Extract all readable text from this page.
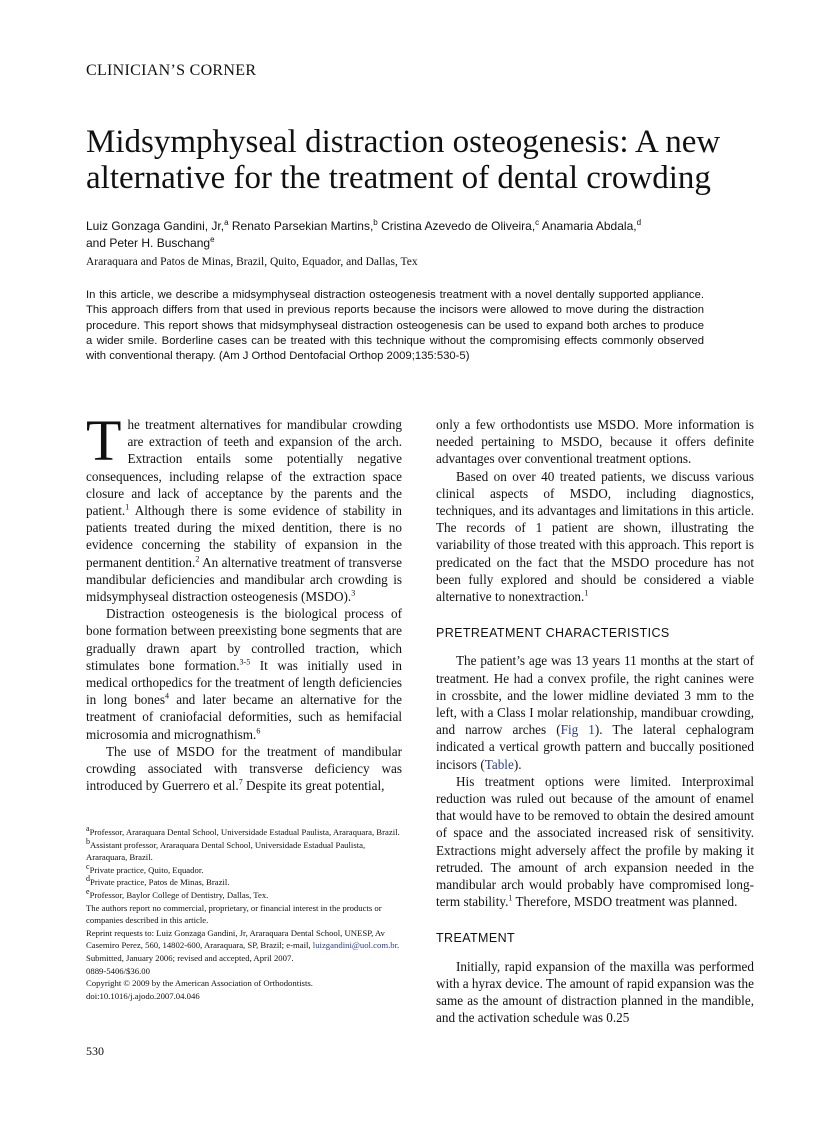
CLINICIAN’S CORNER
Midsymphyseal distraction osteogenesis: A new alternative for the treatment of dental crowding
Luiz Gonzaga Gandini, Jr,$^a$ Renato Parsekian Martins,$^b$ Cristina Azevedo de Oliveira,$^c$ Anamaria Abdala,$^d$
and Peter H. Buschang$^e$
Araraquara and Patos de Minas, Brazil, Quito, Equador, and Dallas, Tex
In this article, we describe a midsymphyseal distraction osteogenesis treatment with a novel dentally supported appliance. This approach differs from that used in previous reports because the incisors were allowed to move during the distraction procedure. This report shows that midsymphyseal distraction osteogenesis can be used to expand both arches to produce a wider smile. Borderline cases can be treated with this technique without the compromising effects commonly observed with conventional therapy. (Am J Orthod Dentofacial Orthop 2009;135:530-5)

The treatment alternatives for mandibular crowding are extraction of teeth and expansion of the arch. Extraction entails some potentially negative consequences, including relapse of the extraction space closure and lack of acceptance by the parents and the patient.$^1$ Although there is some evidence of stability in patients treated during the mixed dentition, there is no evidence concerning the stability of expansion in the permanent dentition.$^2$ An alternative treatment of transverse mandibular deficiencies and mandibular arch crowding is midsymphyseal distraction osteogenesis (MSDO).$^3$

Distraction osteogenesis is the biological process of bone formation between preexisting bone segments that are gradually drawn apart by controlled traction, which stimulates bone formation.$^{3-5}$ It was initially used in medical orthopedics for the treatment of length deficiencies in long bones$^4$ and later became an alternative for the treatment of craniofacial deformities, such as hemifacial microsomia and micrognathism.$^6$

The use of MSDO for the treatment of mandibular crowding associated with transverse deficiency was introduced by Guerrero et al.$^7$ Despite its great potential,

$^a$Professor, Araraquara Dental School, Universidade Estadual Paulista, Araraquara, Brazil.

$^b$Assistant professor, Araraquara Dental School, Universidade Estadual Paulista, Araraquara, Brazil.

$^c$Private practice, Quito, Equador.

$^d$Private practice, Patos de Minas, Brazil.

$^e$Professor, Baylor College of Dentistry, Dallas, Tex.

The authors report no commercial, proprietary, or financial interest in the products or companies described in this article.

Reprint requests to: Luiz Gonzaga Gandini, Jr, Araraquara Dental School, UNESP, Av Casemiro Perez, 560, 14802-600, Araraquara, SP, Brazil; e-mail, luizgandini@uol.com.br.

Submitted, January 2006; revised and accepted, April 2007.

0889-5406/$36.00

Copyright © 2009 by the American Association of Orthodontists.

doi:10.1016/j.ajodo.2007.04.046

only a few orthodontists use MSDO. More information is needed pertaining to MSDO, because it offers definite advantages over conventional treatment options.

Based on over 40 treated patients, we discuss various clinical aspects of MSDO, including diagnostics, techniques, and its advantages and limitations in this article. The records of 1 patient are shown, illustrating the variability of those treated with this approach. This report is predicated on the fact that the MSDO procedure has not been fully explored and should be considered a viable alternative to nonextraction.$^1$

PRETREATMENT CHARACTERISTICS

The patient’s age was 13 years 11 months at the start of treatment. He had a convex profile, the right canines were in crossbite, and the lower midline deviated 3 mm to the left, with a Class I molar relationship, mandibuar crowding, and narrow arches (Fig 1). The lateral cephalogram indicated a vertical growth pattern and buccally positioned incisors (Table).

His treatment options were limited. Interproximal reduction was ruled out because of the amount of enamel that would have to be removed to obtain the desired amount of space and the associated increased risk of sensitivity. Extractions might adversely affect the profile by making it retruded. The amount of arch expansion needed in the mandibular arch would probably have compromised long-term stability.$^1$ Therefore, MSDO treatment was planned.

TREATMENT

Initially, rapid expansion of the maxilla was performed with a hyrax device. The amount of rapid expansion was the same as the amount of distraction planned in the mandible, and the activation schedule was 0.25

530
